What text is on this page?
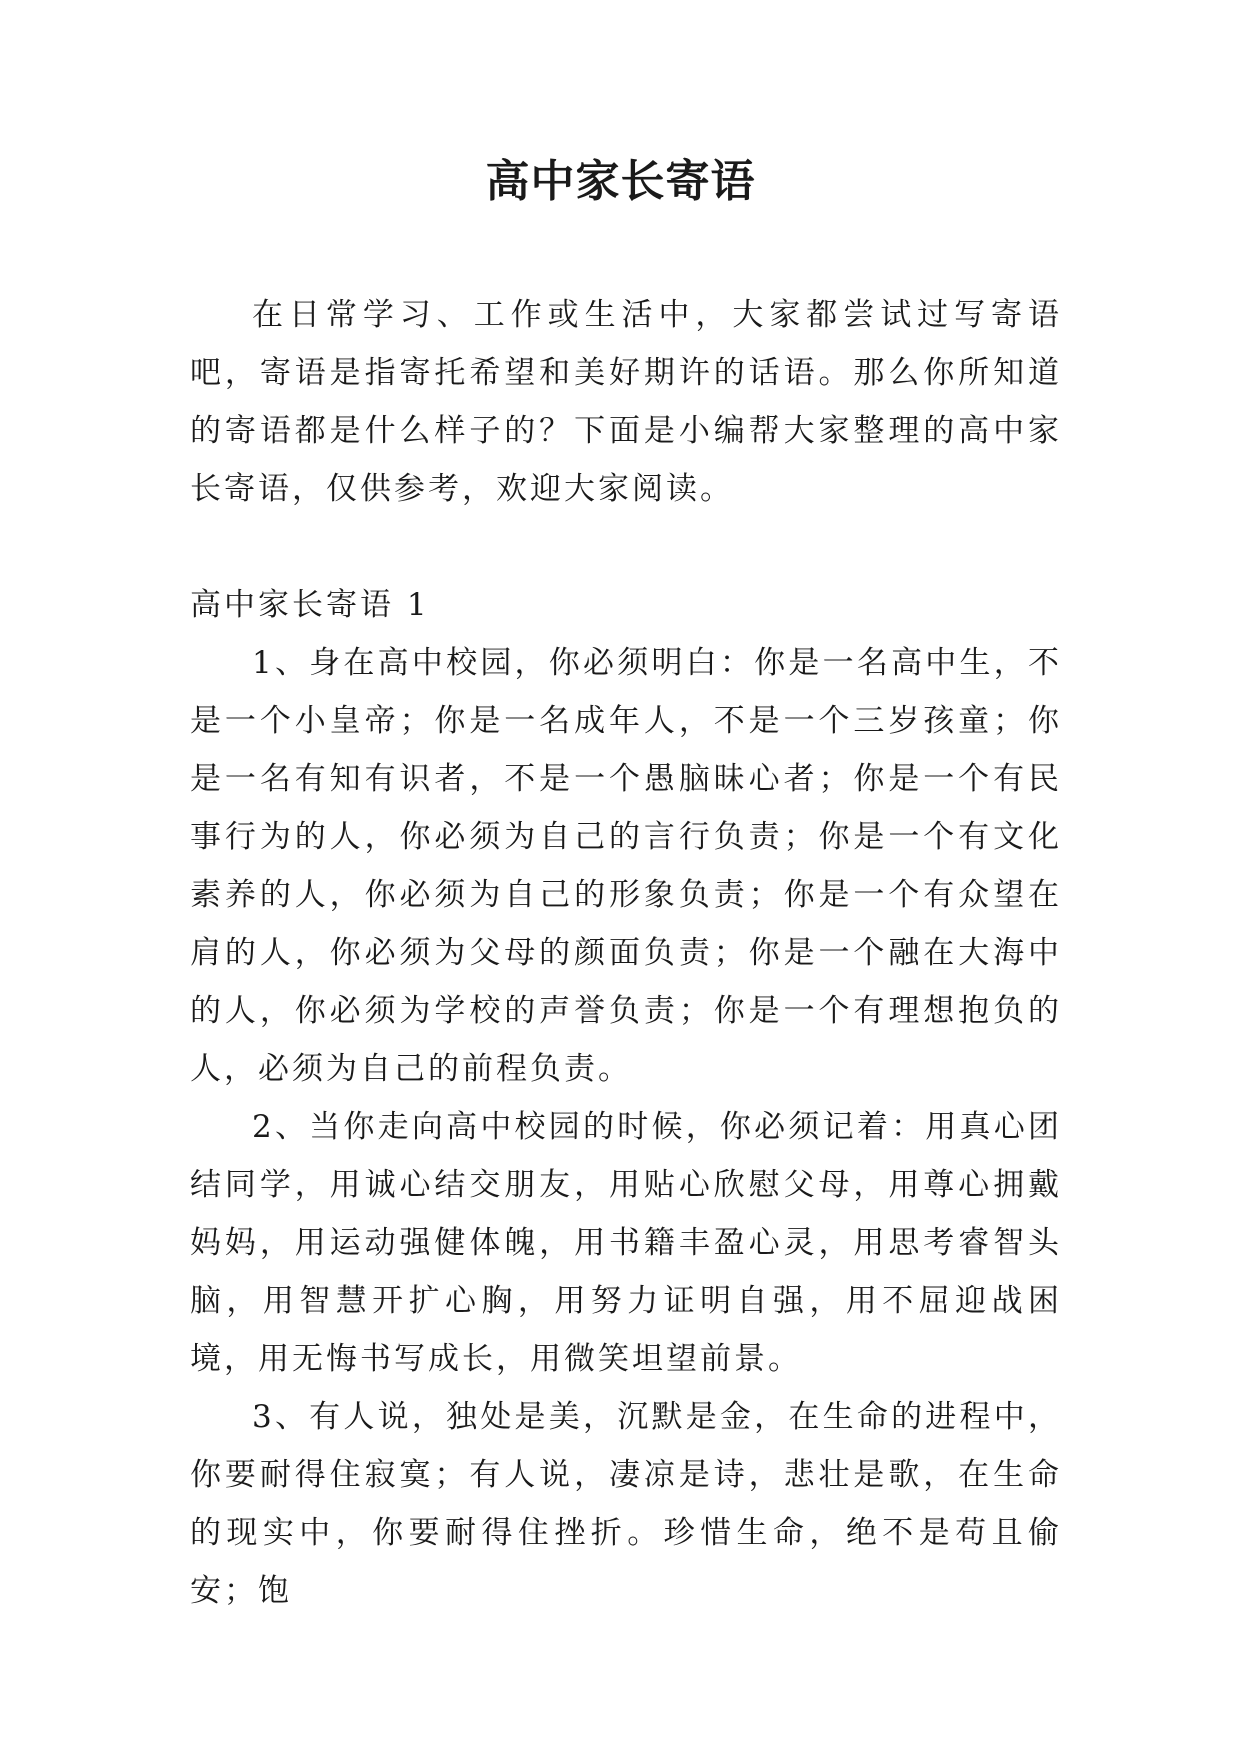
高中家长寄语

在日常学习、工作或生活中，大家都尝试过写寄语吧，寄语是指寄托希望和美好期许的话语。那么你所知道的寄语都是什么样子的？下面是小编帮大家整理的高中家长寄语，仅供参考，欢迎大家阅读。

高中家长寄语 1

1、身在高中校园，你必须明白：你是一名高中生，不是一个小皇帝；你是一名成年人，不是一个三岁孩童；你是一名有知有识者，不是一个愚脑昧心者；你是一个有民事行为的人，你必须为自己的言行负责；你是一个有文化素养的人，你必须为自己的形象负责；你是一个有众望在肩的人，你必须为父母的颜面负责；你是一个融在大海中的人，你必须为学校的声誉负责；你是一个有理想抱负的人，必须为自己的前程负责。

2、当你走向高中校园的时候，你必须记着：用真心团结同学，用诚心结交朋友，用贴心欣慰父母，用尊心拥戴妈妈，用运动强健体魄，用书籍丰盈心灵，用思考睿智头脑，用智慧开扩心胸，用努力证明自强，用不屈迎战困境，用无悔书写成长，用微笑坦望前景。

3、有人说，独处是美，沉默是金，在生命的进程中，你要耐得住寂寞；有人说，凄凉是诗，悲壮是歌，在生命的现实中，你要耐得住挫折。珍惜生命，绝不是苟且偷安；饱
